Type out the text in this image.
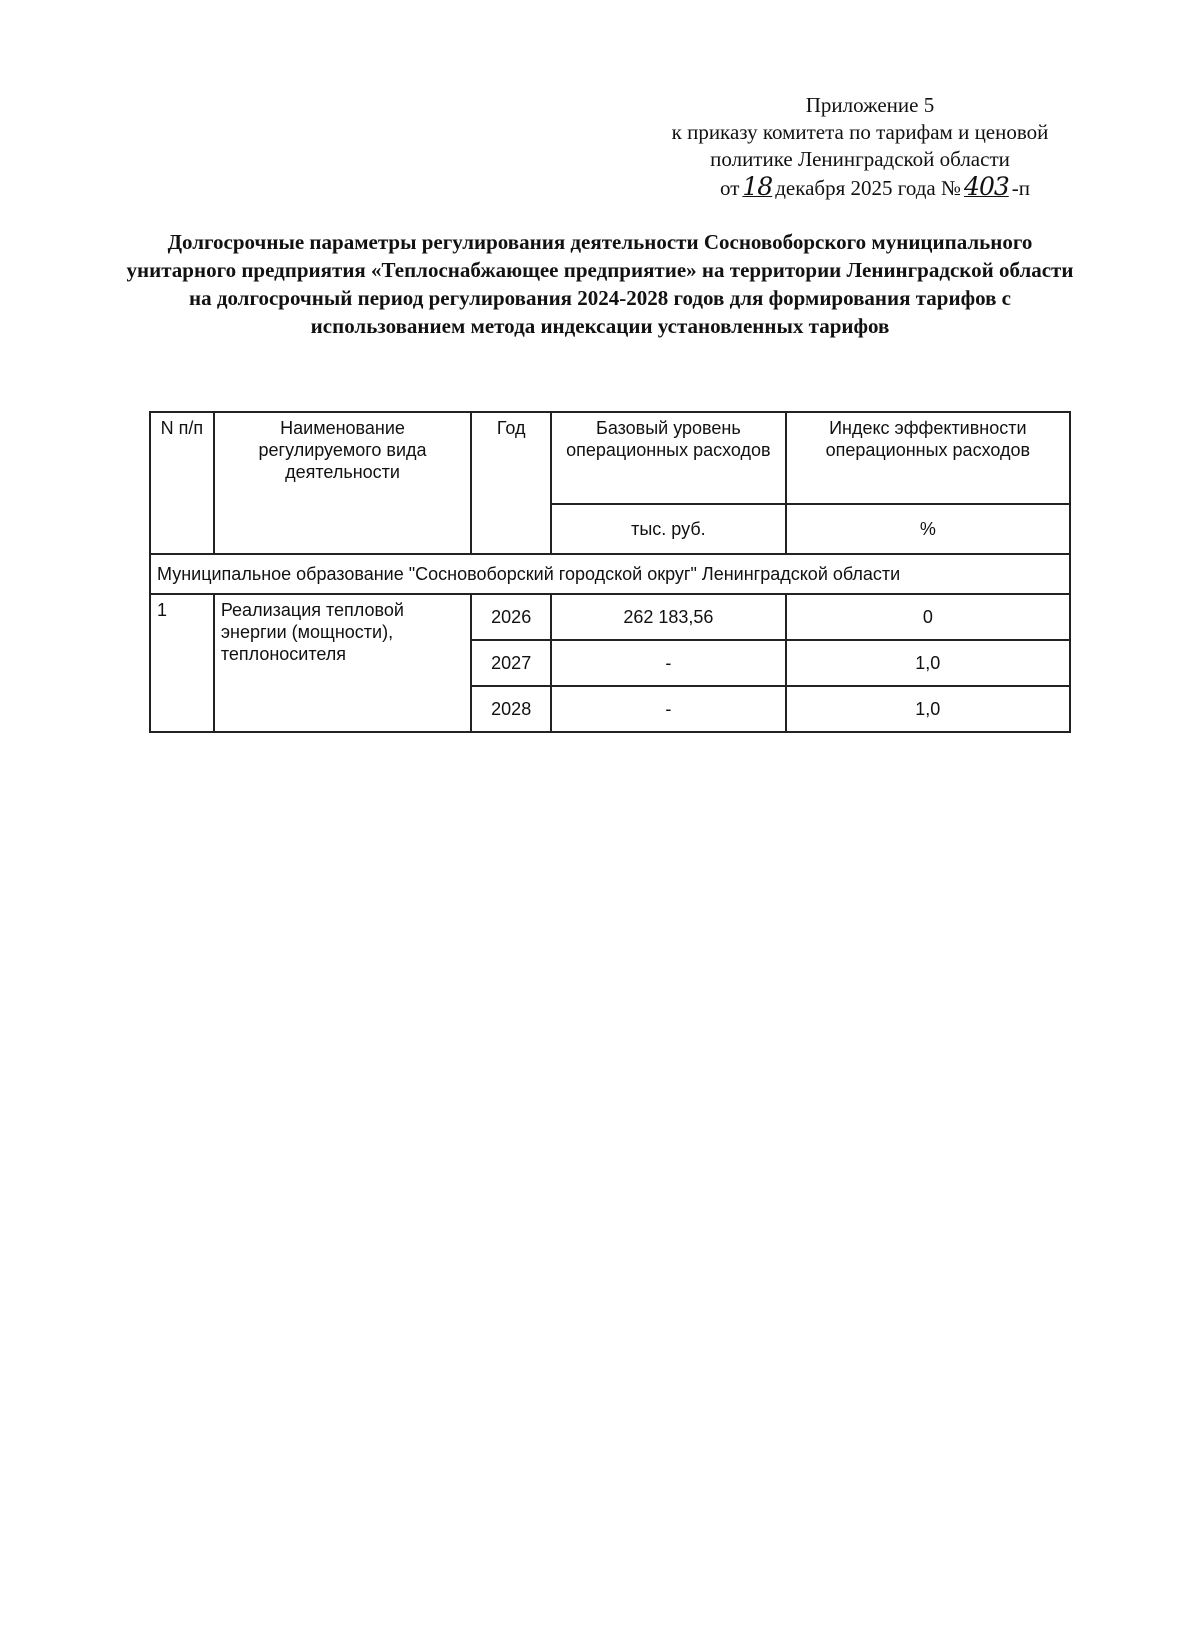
Приложение 5
к приказу комитета по тарифам и ценовой
политике Ленинградской области
от 18 декабря 2025 года № 403 -п
Долгосрочные параметры регулирования деятельности Сосновоборского муниципального унитарного предприятия «Теплоснабжающее предприятие» на территории Ленинградской области на долгосрочный период регулирования 2024-2028 годов для формирования тарифов с использованием метода индексации установленных тарифов
N п/п	Наименование регулируемого вида деятельности	Год	Базовый уровень операционных расходов	Индекс эффективности операционных расходов
			тыс. руб.	%
Муниципальное образование "Сосновоборский городской округ" Ленинградской области				
1	Реализация тепловой энергии (мощности), теплоносителя	2026	262 183,56	0
		2027	-	1,0
		2028	-	1,0
